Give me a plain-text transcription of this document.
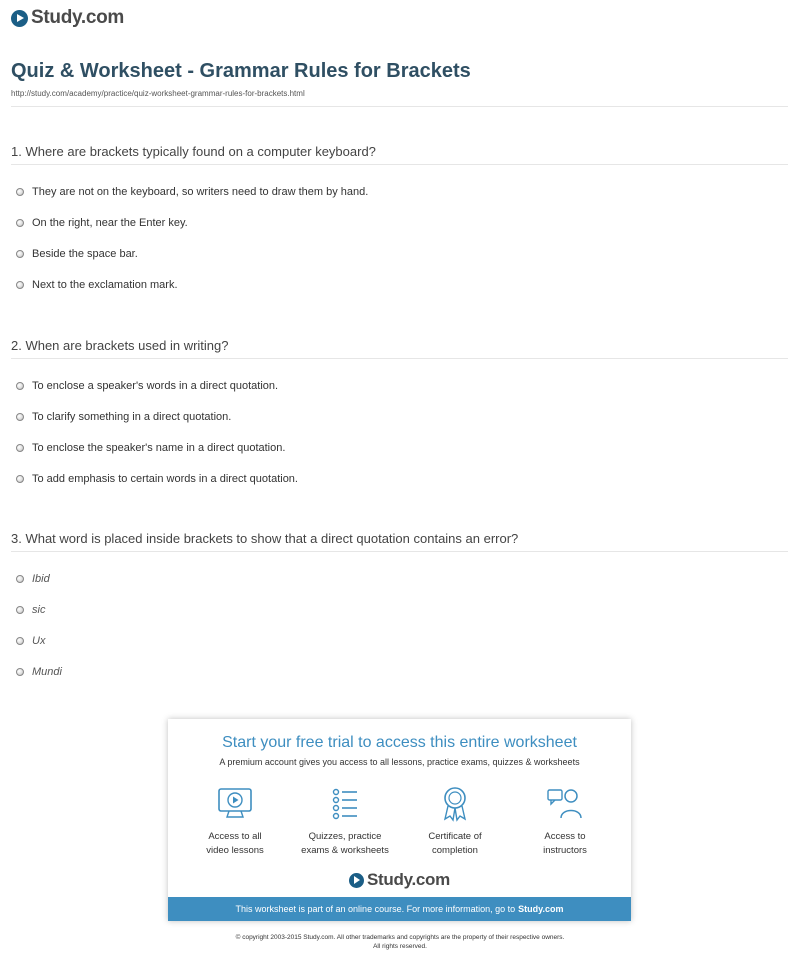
Study.com
Quiz & Worksheet - Grammar Rules for Brackets
http://study.com/academy/practice/quiz-worksheet-grammar-rules-for-brackets.html
1. Where are brackets typically found on a computer keyboard?
They are not on the keyboard, so writers need to draw them by hand.
On the right, near the Enter key.
Beside the space bar.
Next to the exclamation mark.
2. When are brackets used in writing?
To enclose a speaker's words in a direct quotation.
To clarify something in a direct quotation.
To enclose the speaker's name in a direct quotation.
To add emphasis to certain words in a direct quotation.
3. What word is placed inside brackets to show that a direct quotation contains an error?
Ibid
sic
Ux
Mundi
Start your free trial to access this entire worksheet
A premium account gives you access to all lessons, practice exams, quizzes & worksheets
Access to all
video lessons
Quizzes, practice
exams & worksheets
Certificate of
completion
Access to
instructors
Study.com
This worksheet is part of an online course. For more information, go to Study.com
© copyright 2003-2015 Study.com. All other trademarks and copyrights are the property of their respective owners.
All rights reserved.
